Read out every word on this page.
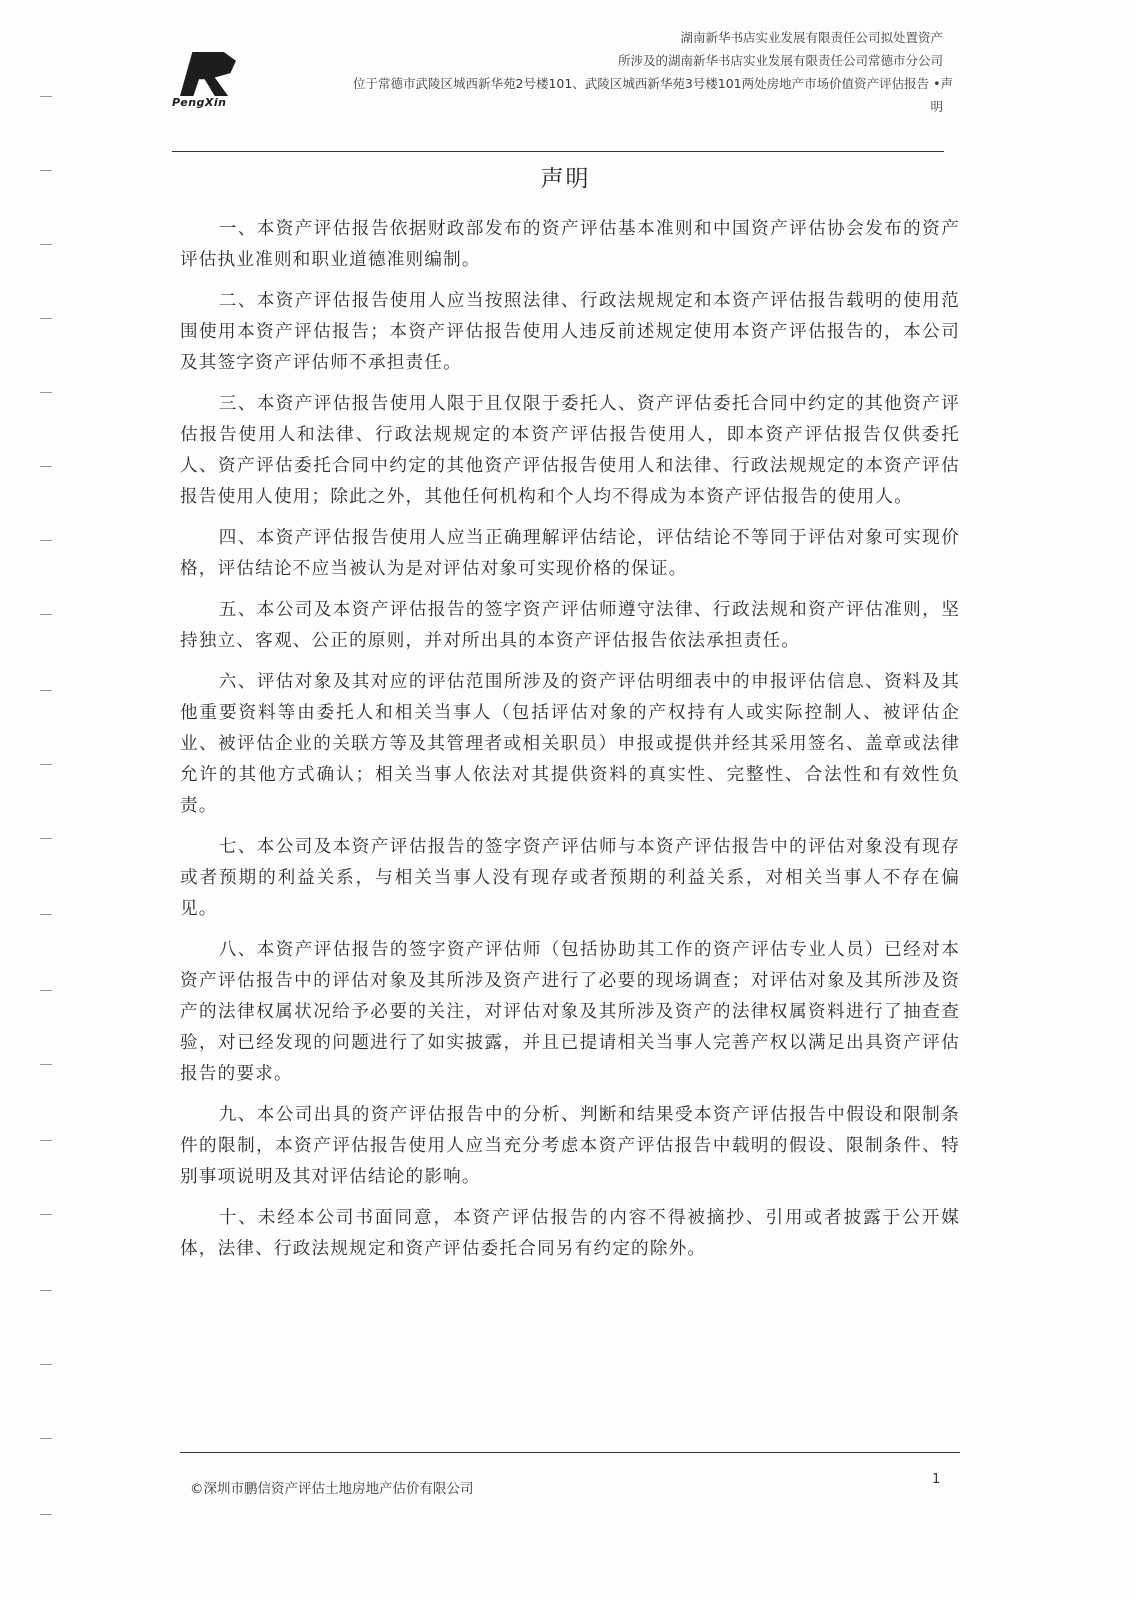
PengXin
湖南新华书店实业发展有限责任公司拟处置资产
所涉及的湖南新华书店实业发展有限责任公司常德市分公司
位于常德市武陵区城西新华苑2号楼101、武陵区城西新华苑3号楼101两处房地产市场价值资产评估报告 •声
明
声明

一、本资产评估报告依据财政部发布的资产评估基本准则和中国资产评估协会发布的资产评估执业准则和职业道德准则编制。

二、本资产评估报告使用人应当按照法律、行政法规规定和本资产评估报告载明的使用范围使用本资产评估报告；本资产评估报告使用人违反前述规定使用本资产评估报告的，本公司及其签字资产评估师不承担责任。

三、本资产评估报告使用人限于且仅限于委托人、资产评估委托合同中约定的其他资产评估报告使用人和法律、行政法规规定的本资产评估报告使用人，即本资产评估报告仅供委托人、资产评估委托合同中约定的其他资产评估报告使用人和法律、行政法规规定的本资产评估报告使用人使用；除此之外，其他任何机构和个人均不得成为本资产评估报告的使用人。

四、本资产评估报告使用人应当正确理解评估结论，评估结论不等同于评估对象可实现价格，评估结论不应当被认为是对评估对象可实现价格的保证。

五、本公司及本资产评估报告的签字资产评估师遵守法律、行政法规和资产评估准则，坚持独立、客观、公正的原则，并对所出具的本资产评估报告依法承担责任。

六、评估对象及其对应的评估范围所涉及的资产评估明细表中的申报评估信息、资料及其他重要资料等由委托人和相关当事人（包括评估对象的产权持有人或实际控制人、被评估企业、被评估企业的关联方等及其管理者或相关职员）申报或提供并经其采用签名、盖章或法律允许的其他方式确认；相关当事人依法对其提供资料的真实性、完整性、合法性和有效性负责。

七、本公司及本资产评估报告的签字资产评估师与本资产评估报告中的评估对象没有现存或者预期的利益关系，与相关当事人没有现存或者预期的利益关系，对相关当事人不存在偏见。

八、本资产评估报告的签字资产评估师（包括协助其工作的资产评估专业人员）已经对本资产评估报告中的评估对象及其所涉及资产进行了必要的现场调查；对评估对象及其所涉及资产的法律权属状况给予必要的关注，对评估对象及其所涉及资产的法律权属资料进行了抽查查验，对已经发现的问题进行了如实披露，并且已提请相关当事人完善产权以满足出具资产评估报告的要求。

九、本公司出具的资产评估报告中的分析、判断和结果受本资产评估报告中假设和限制条件的限制，本资产评估报告使用人应当充分考虑本资产评估报告中载明的假设、限制条件、特别事项说明及其对评估结论的影响。

十、未经本公司书面同意，本资产评估报告的内容不得被摘抄、引用或者披露于公开媒体，法律、行政法规规定和资产评估委托合同另有约定的除外。

©深圳市鹏信资产评估土地房地产估价有限公司
1
